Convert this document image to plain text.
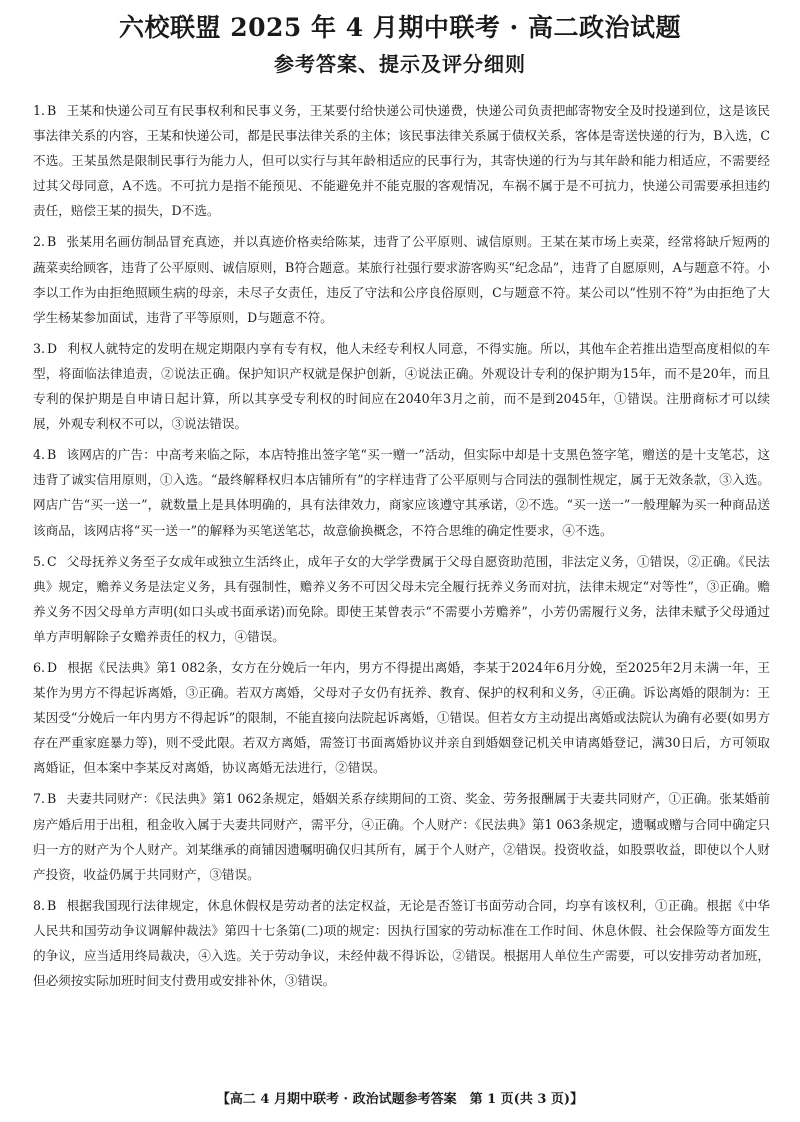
六校联盟 2025 年 4 月期中联考 · 高二政治试题
参考答案、提示及评分细则

1. B 王某和快递公司互有民事权利和民事义务，王某要付给快递公司快递费，快递公司负责把邮寄物安全及时投递到位，这是该民事法律关系的内容，王某和快递公司，都是民事法律关系的主体；该民事法律关系属于债权关系，客体是寄送快递的行为，B入选，C不选。王某虽然是限制民事行为能力人，但可以实行与其年龄相适应的民事行为，其寄快递的行为与其年龄和能力相适应，不需要经过其父母同意，A不选。不可抗力是指不能预见、不能避免并不能克服的客观情况，车祸不属于是不可抗力，快递公司需要承担违约责任，赔偿王某的损失，D不选。

2. B 张某用名画仿制品冒充真迹，并以真迹价格卖给陈某，违背了公平原则、诚信原则。王某在某市场上卖菜，经常将缺斤短两的蔬菜卖给顾客，违背了公平原则、诚信原则，B符合题意。某旅行社强行要求游客购买“纪念品”，违背了自愿原则，A与题意不符。小李以工作为由拒绝照顾生病的母亲，未尽子女责任，违反了守法和公序良俗原则，C与题意不符。某公司以“性别不符”为由拒绝了大学生杨某参加面试，违背了平等原则，D与题意不符。

3. D 利权人就特定的发明在规定期限内享有专有权，他人未经专利权人同意，不得实施。所以，其他车企若推出造型高度相似的车型，将面临法律追责，②说法正确。保护知识产权就是保护创新，④说法正确。外观设计专利的保护期为15年，而不是20年，而且专利的保护期是自申请日起计算，所以其享受专利权的时间应在2040年3月之前，而不是到2045年，①错误。注册商标才可以续展，外观专利权不可以，③说法错误。

4. B 该网店的广告：中高考来临之际，本店特推出签字笔“买一赠一”活动，但实际中却是十支黑色签字笔，赠送的是十支笔芯，这违背了诚实信用原则，①入选。“最终解释权归本店铺所有”的字样违背了公平原则与合同法的强制性规定，属于无效条款，③入选。网店广告“买一送一”，就数量上是具体明确的，具有法律效力，商家应该遵守其承诺，②不选。“买一送一”一般理解为买一种商品送该商品，该网店将“买一送一”的解释为买笔送笔芯，故意偷换概念，不符合思维的确定性要求，④不选。

5. C 父母抚养义务至子女成年或独立生活终止，成年子女的大学学费属于父母自愿资助范围，非法定义务，①错误，②正确。《民法典》规定，赡养义务是法定义务，具有强制性，赡养义务不可因父母未完全履行抚养义务而对抗，法律未规定“对等性”，③正确。赡养义务不因父母单方声明(如口头或书面承诺)而免除。即使王某曾表示“不需要小芳赡养”，小芳仍需履行义务，法律未赋予父母通过单方声明解除子女赡养责任的权力，④错误。

6. D 根据《民法典》第1 082条，女方在分娩后一年内，男方不得提出离婚，李某于2024年6月分娩，至2025年2月未满一年，王某作为男方不得起诉离婚，③正确。若双方离婚，父母对子女仍有抚养、教育、保护的权利和义务，④正确。诉讼离婚的限制为：王某因受“分娩后一年内男方不得起诉”的限制，不能直接向法院起诉离婚，①错误。但若女方主动提出离婚或法院认为确有必要(如男方存在严重家庭暴力等)，则不受此限。若双方离婚，需签订书面离婚协议并亲自到婚姻登记机关申请离婚登记，满30日后，方可领取离婚证，但本案中李某反对离婚，协议离婚无法进行，②错误。

7. B 夫妻共同财产：《民法典》第1 062条规定，婚姻关系存续期间的工资、奖金、劳务报酬属于夫妻共同财产，①正确。张某婚前房产婚后用于出租，租金收入属于夫妻共同财产，需平分，④正确。个人财产：《民法典》第1 063条规定，遗嘱或赠与合同中确定只归一方的财产为个人财产。刘某继承的商铺因遗嘱明确仅归其所有，属于个人财产，②错误。投资收益，如股票收益，即使以个人财产投资，收益仍属于共同财产，③错误。

8. B 根据我国现行法律规定，休息休假权是劳动者的法定权益，无论是否签订书面劳动合同，均享有该权利，①正确。根据《中华人民共和国劳动争议调解仲裁法》第四十七条第(二)项的规定：因执行国家的劳动标准在工作时间、休息休假、社会保险等方面发生的争议，应当适用终局裁决，④入选。关于劳动争议，未经仲裁不得诉讼，②错误。根据用人单位生产需要，可以安排劳动者加班，但必须按实际加班时间支付费用或安排补休，③错误。

【高二 4 月期中联考 · 政治试题参考答案　第 1 页(共 3 页)】
